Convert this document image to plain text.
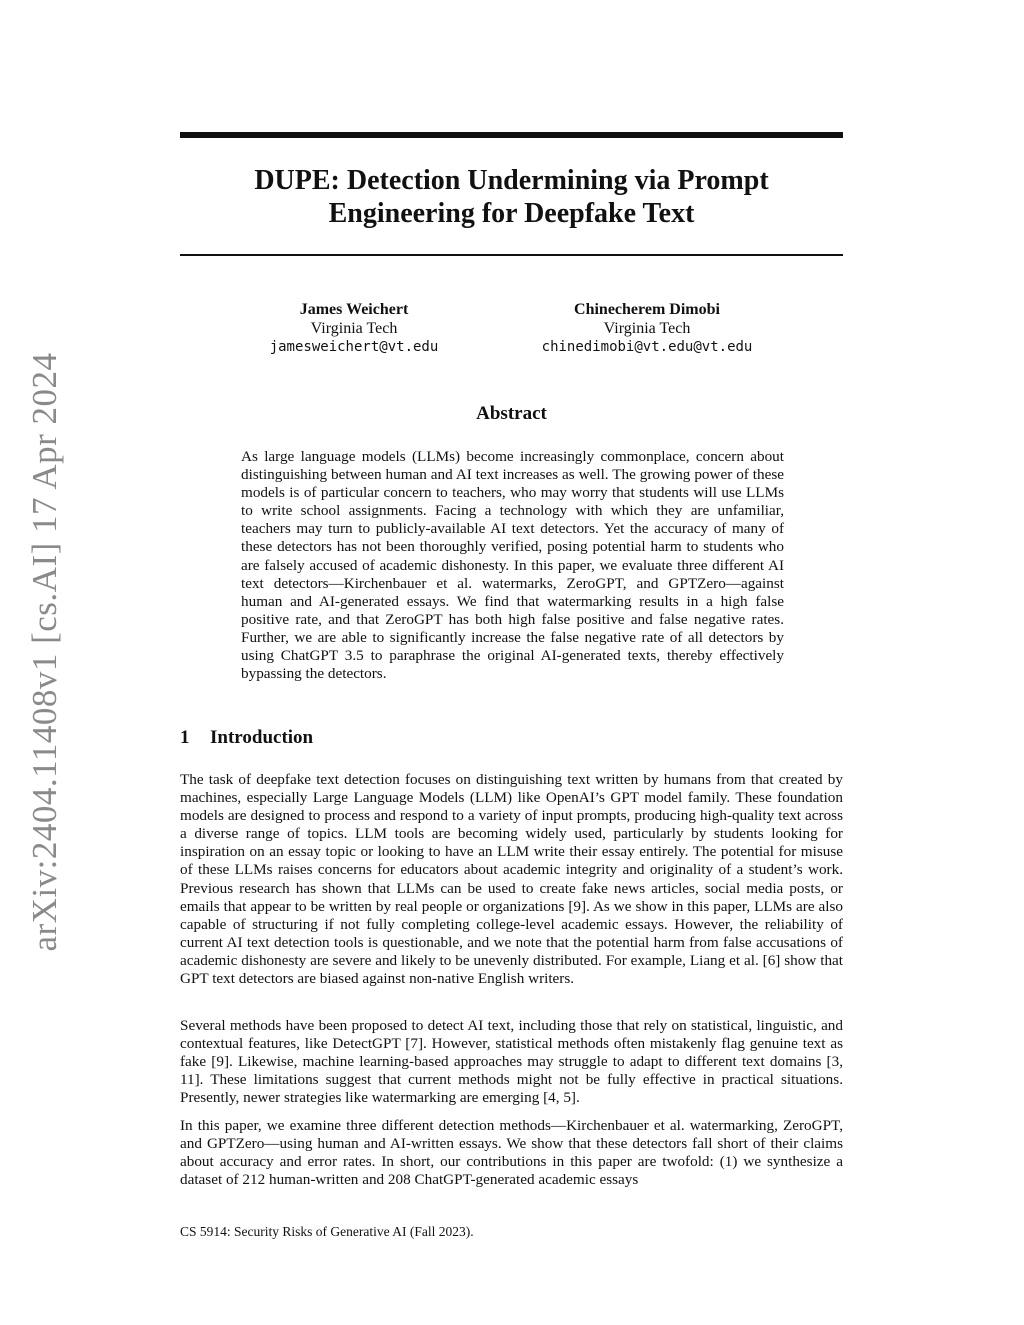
arXiv:2404.11408v1 [cs.AI] 17 Apr 2024
DUPE: Detection Undermining via Prompt Engineering for Deepfake Text
James Weichert
Virginia Tech
jamesweichert@vt.edu
Chinecherem Dimobi
Virginia Tech
chinedimobi@vt.edu@vt.edu
Abstract

As large language models (LLMs) become increasingly commonplace, concern about distinguishing between human and AI text increases as well. The growing power of these models is of particular concern to teachers, who may worry that students will use LLMs to write school assignments. Facing a technology with which they are unfamiliar, teachers may turn to publicly-available AI text detectors. Yet the accuracy of many of these detectors has not been thoroughly verified, posing potential harm to students who are falsely accused of academic dishonesty. In this paper, we evaluate three different AI text detectors—Kirchenbauer et al. watermarks, ZeroGPT, and GPTZero—against human and AI-generated essays. We find that watermarking results in a high false positive rate, and that ZeroGPT has both high false positive and false negative rates. Further, we are able to significantly increase the false negative rate of all detectors by using ChatGPT 3.5 to paraphrase the original AI-generated texts, thereby effectively bypassing the detectors.

1 Introduction

The task of deepfake text detection focuses on distinguishing text written by humans from that created by machines, especially Large Language Models (LLM) like OpenAI’s GPT model family. These foundation models are designed to process and respond to a variety of input prompts, producing high-quality text across a diverse range of topics. LLM tools are becoming widely used, particularly by students looking for inspiration on an essay topic or looking to have an LLM write their essay entirely. The potential for misuse of these LLMs raises concerns for educators about academic integrity and originality of a student’s work. Previous research has shown that LLMs can be used to create fake news articles, social media posts, or emails that appear to be written by real people or organizations [9]. As we show in this paper, LLMs are also capable of structuring if not fully completing college-level academic essays. However, the reliability of current AI text detection tools is questionable, and we note that the potential harm from false accusations of academic dishonesty are severe and likely to be unevenly distributed. For example, Liang et al. [6] show that GPT text detectors are biased against non-native English writers.

Several methods have been proposed to detect AI text, including those that rely on statistical, linguistic, and contextual features, like DetectGPT [7]. However, statistical methods often mistakenly flag genuine text as fake [9]. Likewise, machine learning-based approaches may struggle to adapt to different text domains [3, 11]. These limitations suggest that current methods might not be fully effective in practical situations. Presently, newer strategies like watermarking are emerging [4, 5].

In this paper, we examine three different detection methods—Kirchenbauer et al. watermarking, ZeroGPT, and GPTZero—using human and AI-written essays. We show that these detectors fall short of their claims about accuracy and error rates. In short, our contributions in this paper are twofold: (1) we synthesize a dataset of 212 human-written and 208 ChatGPT-generated academic essays

CS 5914: Security Risks of Generative AI (Fall 2023).
